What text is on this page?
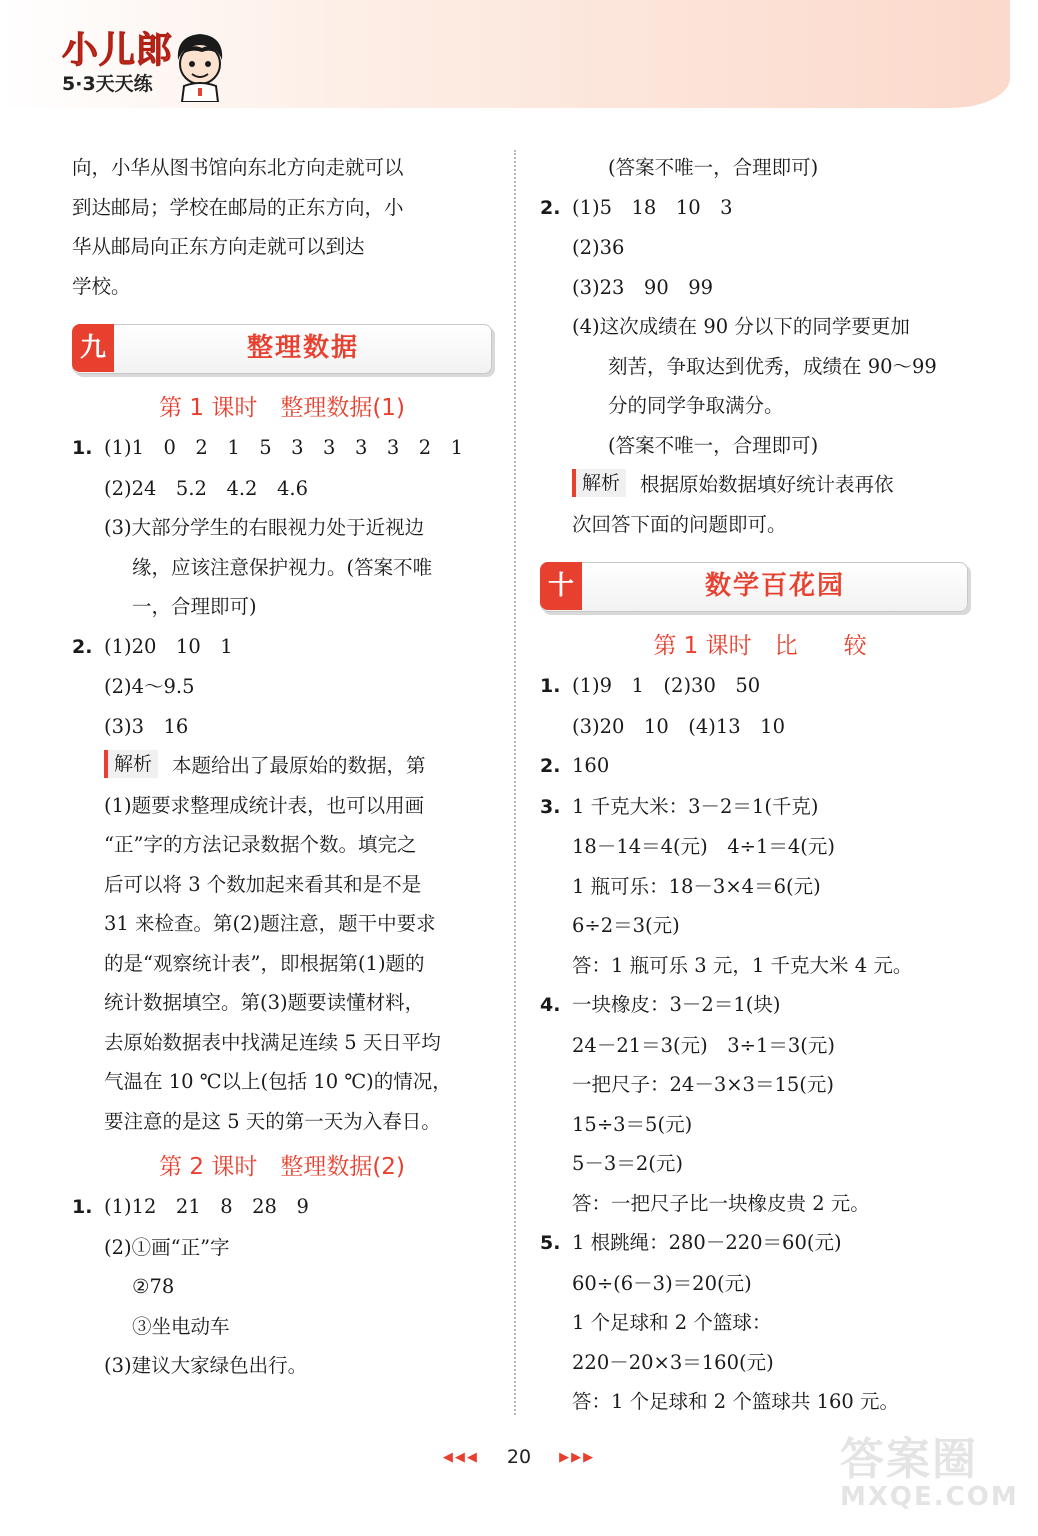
小儿郎
5·3天天练
向，小华从图书馆向东北方向走就可以
到达邮局；学校在邮局的正东方向，小
华从邮局向正东方向走就可以到达
学校。
九	整理数据
第 1 课时　整理数据(1)
1. (1)1　0　2　1　5　3　3　3　3　2　1
(2)24　5.2　4.2　4.6
(3)大部分学生的右眼视力处于近视边
缘，应该注意保护视力。(答案不唯
一，合理即可)
2. (1)20　10　1
(2)4～9.5
(3)3　16
解析 本题给出了最原始的数据，第
(1)题要求整理成统计表，也可以用画
“正”字的方法记录数据个数。填完之
后可以将 3 个数加起来看其和是不是
31 来检查。第(2)题注意，题干中要求
的是“观察统计表”，即根据第(1)题的
统计数据填空。第(3)题要读懂材料，
去原始数据表中找满足连续 5 天日平均
气温在 10 ℃以上(包括 10 ℃)的情况，
要注意的是这 5 天的第一天为入春日。
第 2 课时　整理数据(2)
1. (1)12　21　8　28　9
(2)①画“正”字
②78
③坐电动车
(3)建议大家绿色出行。
(答案不唯一，合理即可)
2. (1)5　18　10　3
(2)36
(3)23　90　99
(4)这次成绩在 90 分以下的同学要更加
刻苦，争取达到优秀，成绩在 90～99
分的同学争取满分。
(答案不唯一，合理即可)
解析 根据原始数据填好统计表再依
次回答下面的问题即可。
十	数学百花园
第 1 课时　比　　较
1. (1)9　1　(2)30　50
(3)20　10　(4)13　10
2. 160
3. 1 千克大米：3－2＝1(千克)
18－14＝4(元)　4÷1＝4(元)
1 瓶可乐：18－3×4＝6(元)
6÷2＝3(元)
答：1 瓶可乐 3 元，1 千克大米 4 元。
4. 一块橡皮：3－2＝1(块)
24－21＝3(元)　3÷1＝3(元)
一把尺子：24－3×3＝15(元)
15÷3＝5(元)
5－3＝2(元)
答：一把尺子比一块橡皮贵 2 元。
5. 1 根跳绳：280－220＝60(元)
60÷(6－3)＝20(元)
1 个足球和 2 个篮球：
220－20×3＝160(元)
答：1 个足球和 2 个篮球共 160 元。
◀◀◀ 20 ▶▶▶	答案圈
MXQE.COM
